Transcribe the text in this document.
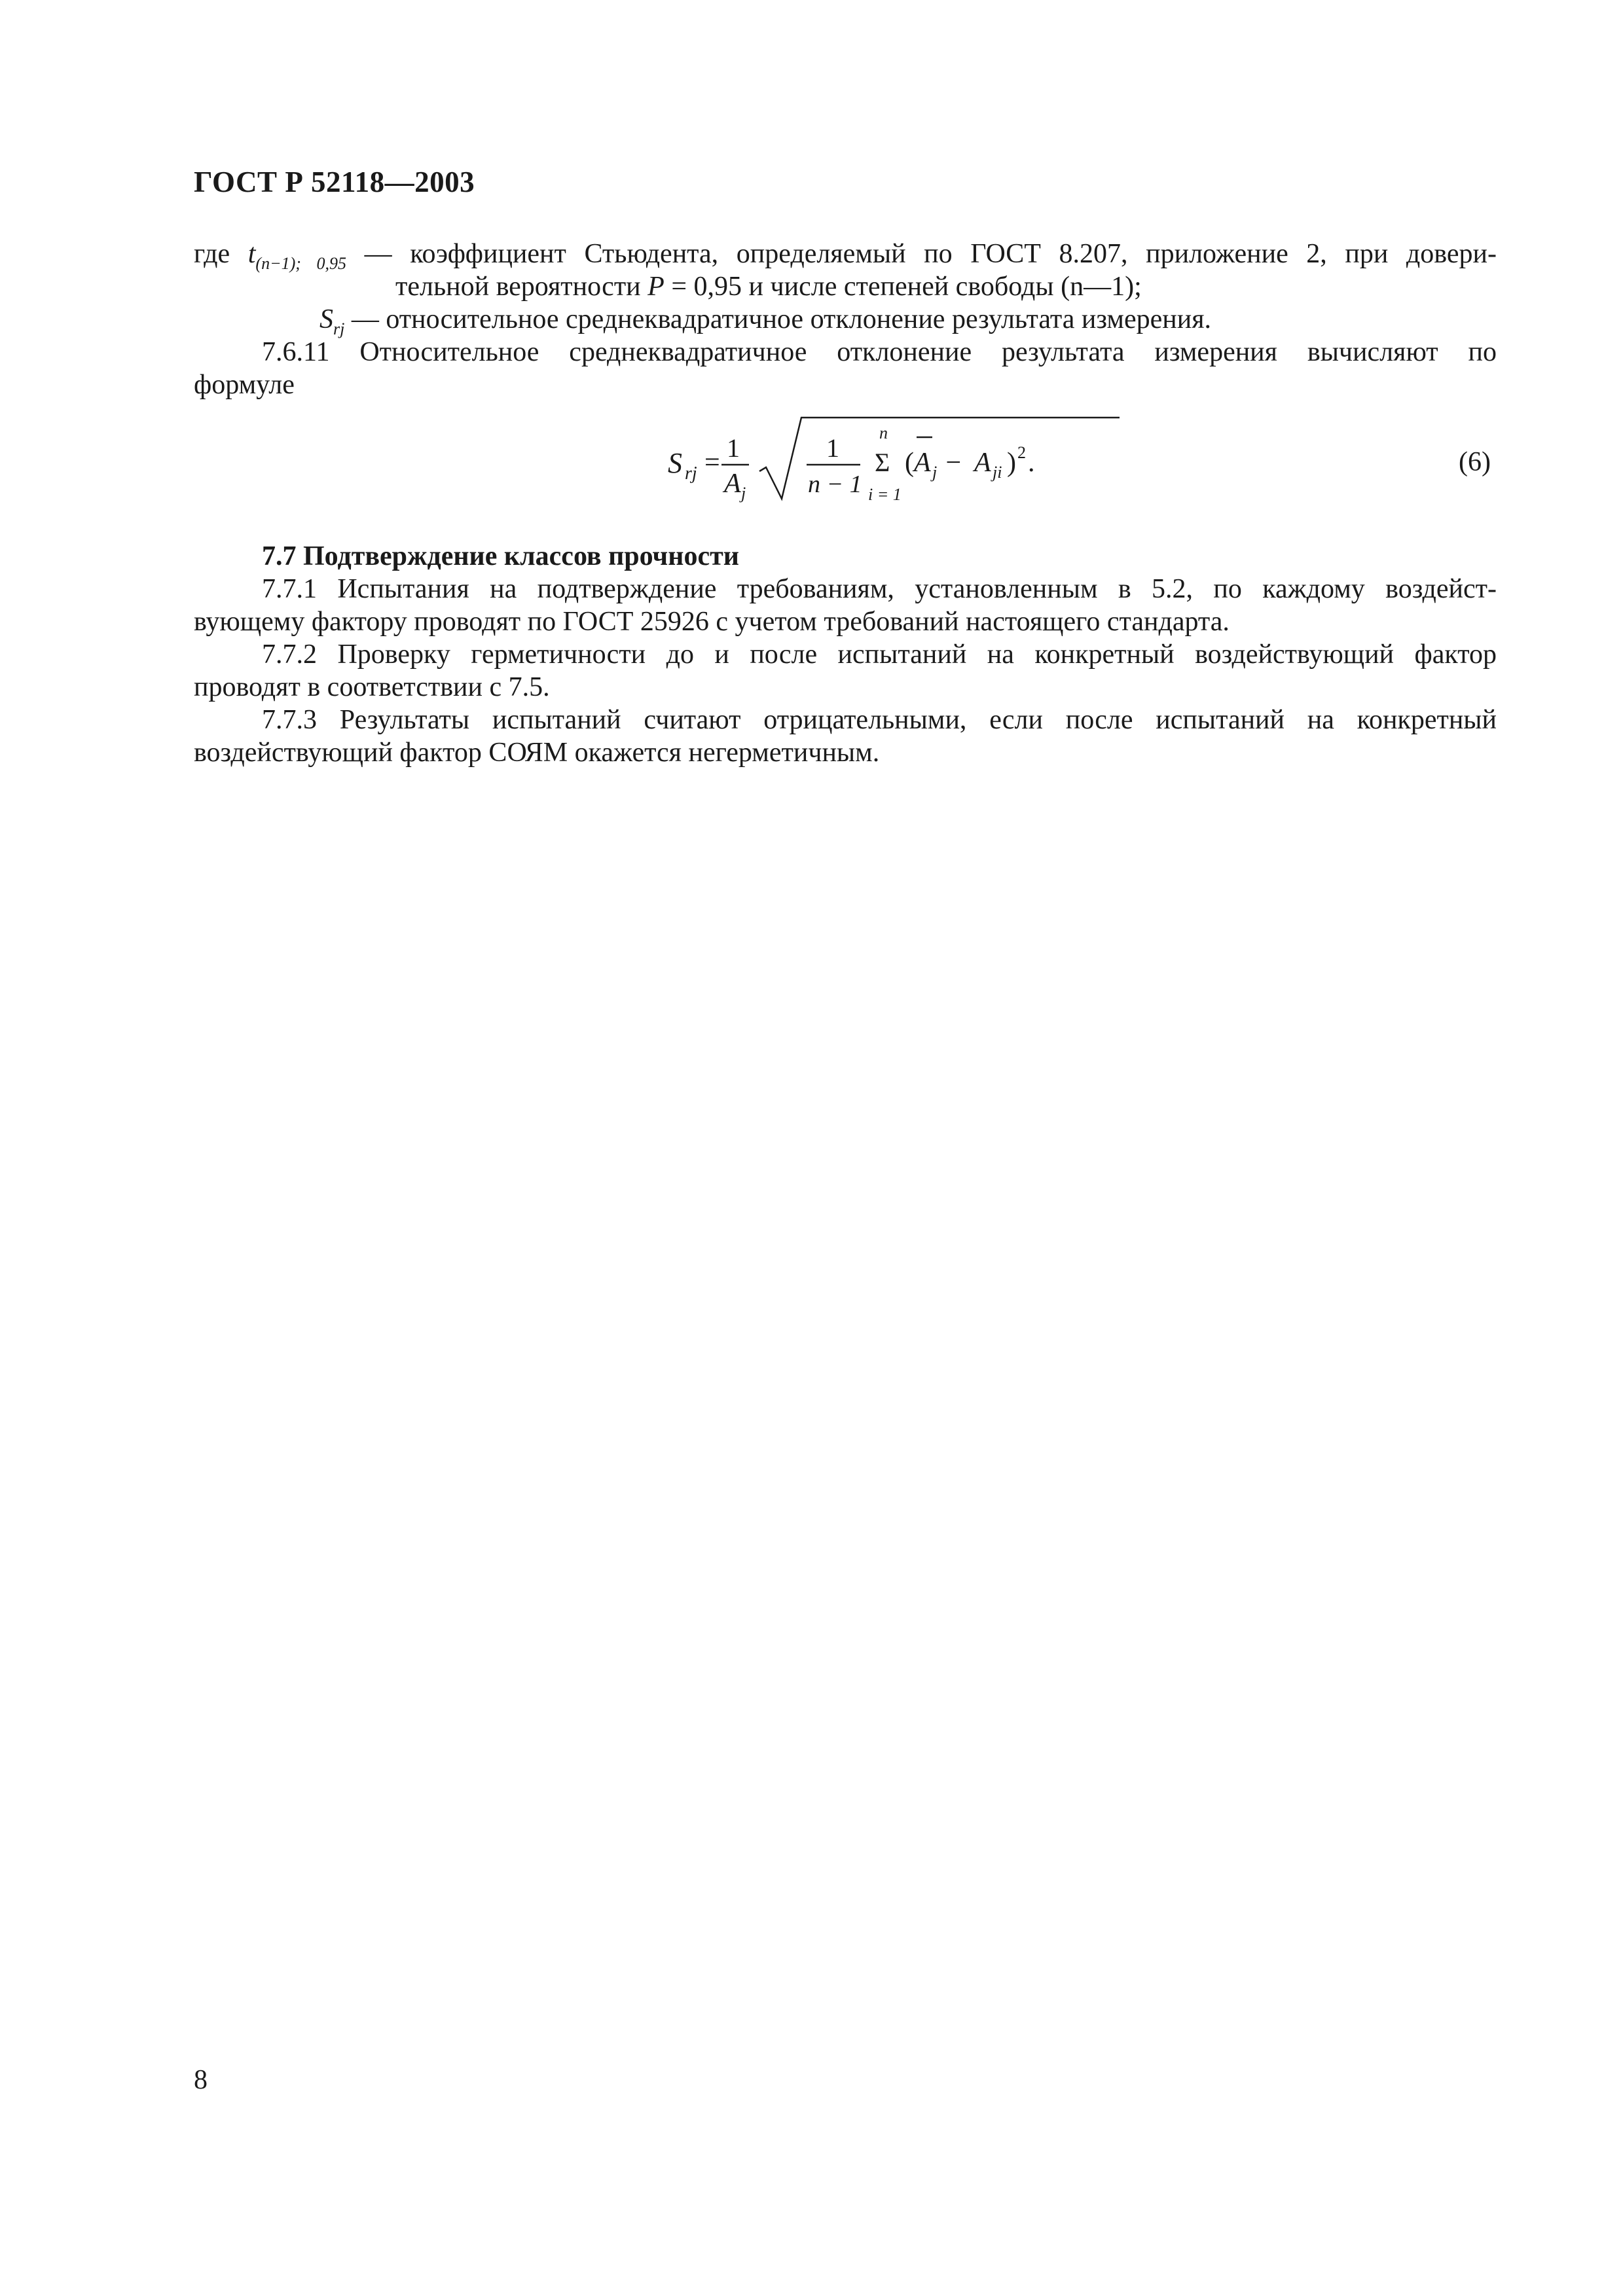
ГОСТ Р 52118—2003
где $t_{(n-1); 0,95}$ — коэффициент Стьюдента, определяемый по ГОСТ 8.207, приложение 2, при довери-
тельной вероятности P = 0,95 и числе степеней свободы (n—1);
$S_{rj}$ — относительное среднеквадратичное отклонение результата измерения.
7.6.11 Относительное среднеквадратичное отклонение результата измерения вычисляют по
формуле
S rj = 1
A j
1
n − 1
n
Σ
i = 1
( A j − A ji ) 2 .	(6)
7.7 Подтверждение классов прочности
7.7.1 Испытания на подтверждение требованиям, установленным в 5.2, по каждому воздейст-
вующему фактору проводят по ГОСТ 25926 с учетом требований настоящего стандарта.
7.7.2 Проверку герметичности до и после испытаний на конкретный воздействующий фактор
проводят в соответствии с 7.5.
7.7.3 Результаты испытаний считают отрицательными, если после испытаний на конкретный
воздействующий фактор СОЯМ окажется негерметичным.
8
